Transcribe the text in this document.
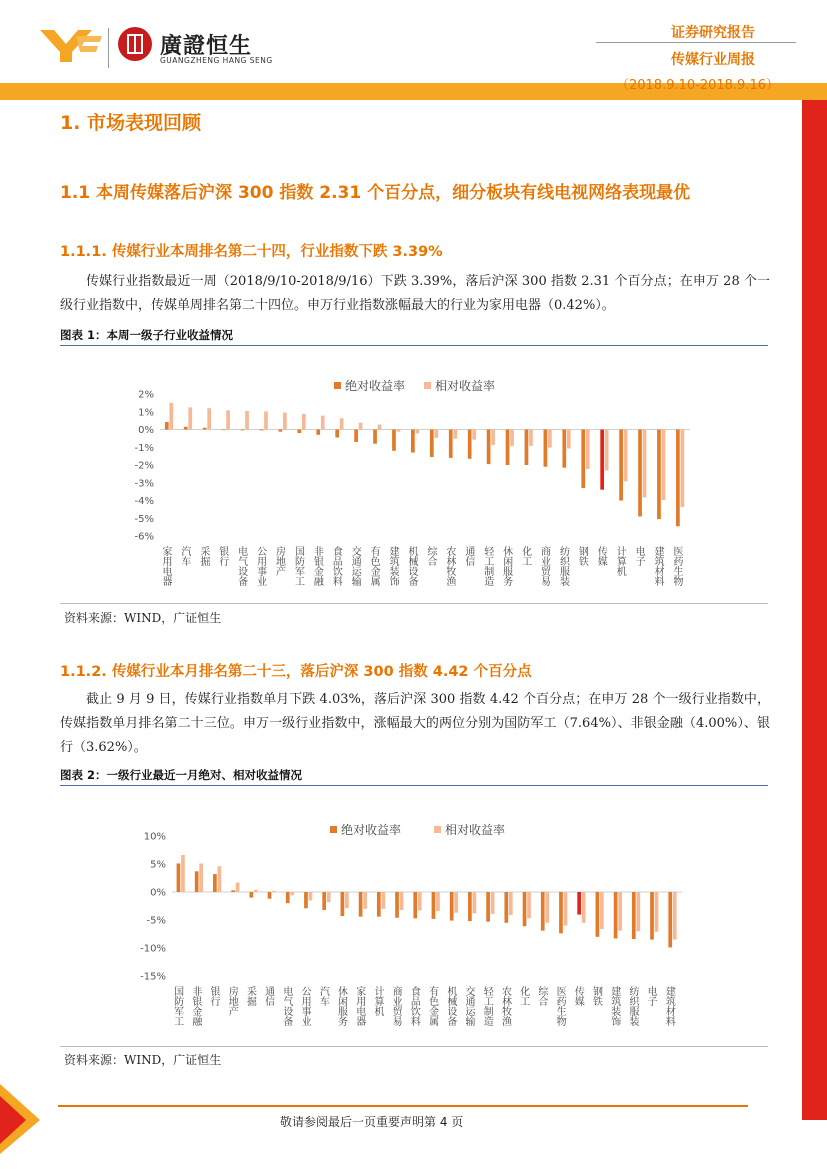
廣證恒生
GUANGZHENG HANG SENG
证券研究报告
传媒行业周报
（2018.9.10-2018.9.16）
1. 市场表现回顾
1.1 本周传媒落后沪深 300 指数 2.31 个百分点，细分板块有线电视网络表现最优
1.1.1. 传媒行业本周排名第二十四，行业指数下跌 3.39%
传媒行业指数最近一周（2018/9/10-2018/9/16）下跌 3.39%，落后沪深 300 指数 2.31 个百分点；在申万 28 个一级行业指数中，传媒单周排名第二十四位。申万行业指数涨幅最大的行业为家用电器（0.42%）。
图表 1：本周一级子行业收益情况
绝对收益率 相对收益率
2%
1%
0%
-1%
-2%
-3%
-4%
-5%
-6%
家用电器 汽车 采掘 银行 电气设备 公用事业 房地产 国防军工 非银金融 食品饮料 交通运输 有色金属 建筑装饰 机械设备 综合 农林牧渔 通信 轻工制造 休闲服务 化工 商业贸易 纺织服装 钢铁 传媒 计算机 电子 建筑材料 医药生物
资料来源：WIND，广证恒生
1.1.2. 传媒行业本月排名第二十三，落后沪深 300 指数 4.42 个百分点
截止 9 月 9 日，传媒行业指数单月下跌 4.03%，落后沪深 300 指数 4.42 个百分点；在申万 28 个一级行业指数中，传媒指数单月排名第二十三位。申万一级行业指数中，涨幅最大的两位分别为国防军工（7.64%）、非银金融（4.00%）、银行（3.62%）。
图表 2：一级行业最近一月绝对、相对收益情况
绝对收益率	相对收益率
10%
5%
0%
-5%
-10%
-15%
国防军工 非银金融 银行 房地产 采掘 通信 电气设备 公用事业 汽车 休闲服务 家用电器 计算机 商业贸易 食品饮料 有色金属 机械设备 交通运输 轻工制造 农林牧渔 化工 综合 医药生物 传媒 钢铁 建筑装饰 纺织服装 电子 建筑材料
资料来源：WIND，广证恒生
敬请参阅最后一页重要声明第 4 页
